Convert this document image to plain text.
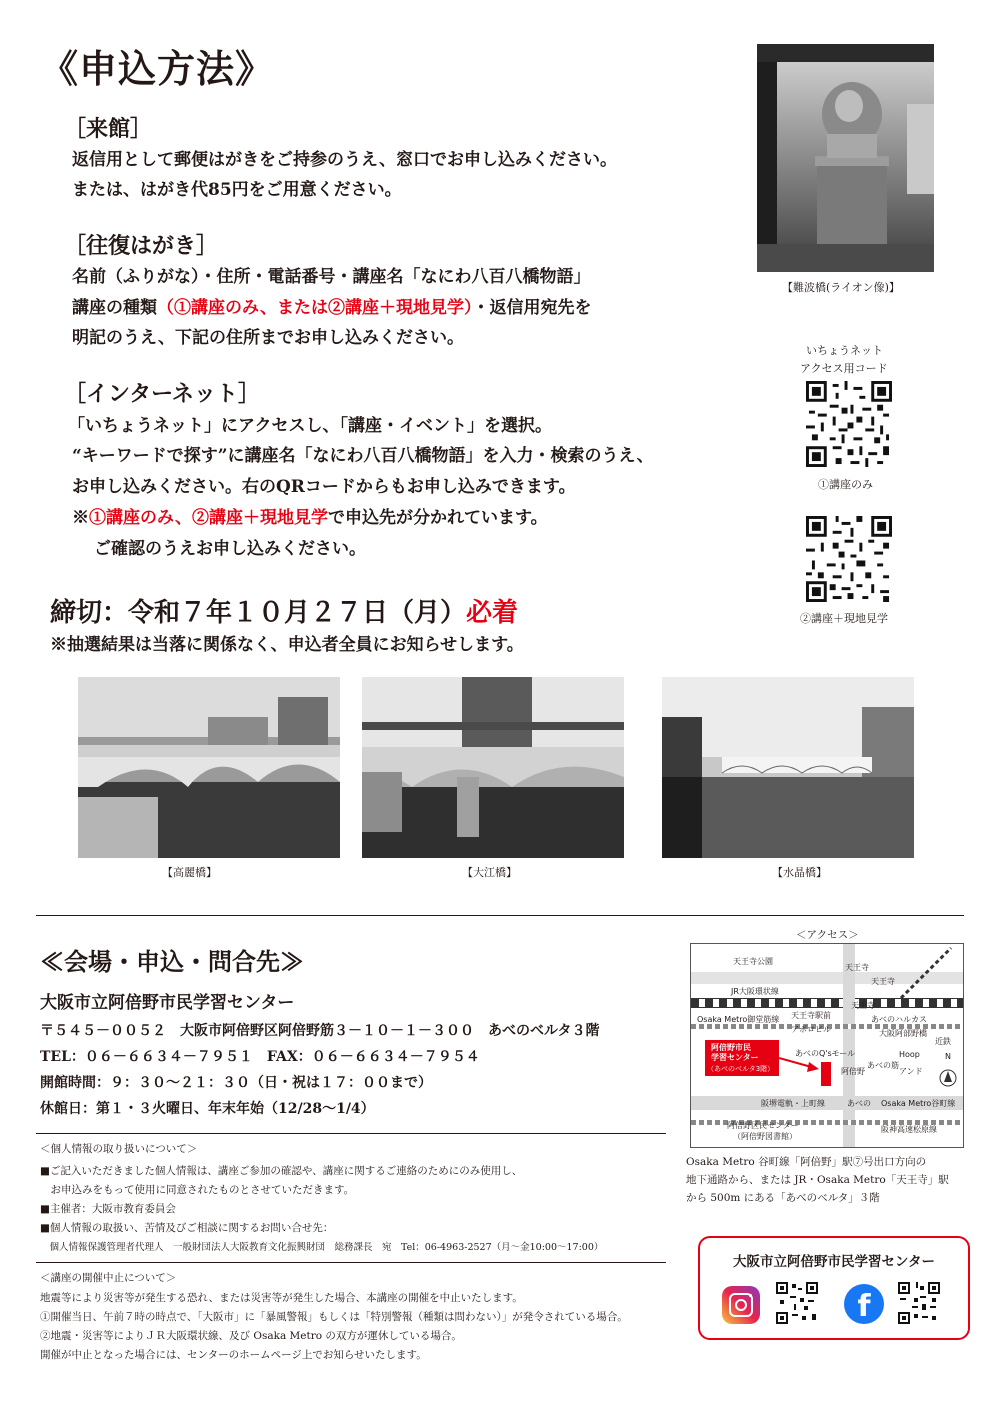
《申込方法》
［来館］
返信用として郵便はがきをご持参のうえ、窓口でお申し込みください。
または、はがき代85円をご用意ください。
［往復はがき］
名前（ふりがな）・住所・電話番号・講座名「なにわ八百八橋物語」
講座の種類（①講座のみ、または②講座＋現地見学）・返信用宛先を
明記のうえ、下記の住所までお申し込みください。
［インターネット］
「いちょうネット」にアクセスし、「講座・イベント」を選択。
“キーワードで探す”に講座名「なにわ八百八橋物語」を入力・検索のうえ、
お申し込みください。右のQRコードからもお申し込みできます。
※①講座のみ、②講座＋現地見学で申込先が分かれています。
ご確認のうえお申し込みください。
締切：令和７年１０月２７日（月）必着
※抽選結果は当落に関係なく、申込者全員にお知らせします。
【難波橋(ライオン像)】
いちょうネット
アクセス用コード
①講座のみ
②講座＋現地見学
【高麗橋】	【大江橋】	【水晶橋】
≪会場・申込・問合先≫
大阪市立阿倍野市民学習センター
〒５４５－００５２　大阪市阿倍野区阿倍野筋３－１０－１－３００　あべのベルタ３階
TEL：０６－６６３４－７９５１　FAX：０６－６６３４－７９５４
開館時間：９：３０～２１：３０（日・祝は１７：００まで）
休館日：第１・３火曜日、年末年始（12/28～1/4）
＜個人情報の取り扱いについて＞
■ご記入いただきました個人情報は、講座ご参加の確認や、講座に関するご連絡のためにのみ使用し、
　お申込みをもって使用に同意されたものとさせていただきます。
■主催者：大阪市教育委員会
■個人情報の取扱い、苦情及びご相談に関するお問い合せ先：
　個人情報保護管理者代理人　一般財団法人大阪教育文化振興財団　総務課長　宛　Tel：06-4963-2527（月～金10:00～17:00）
＜講座の開催中止について＞
地震等により災害等が発生する恐れ、または災害等が発生した場合、本講座の開催を中止いたします。
①開催当日、午前７時の時点で、「大阪市」に「暴風警報」もしくは「特別警報（種類は問わない）」が発令されている場合。
②地震・災害等によりＪＲ大阪環状線、及び Osaka Metro の双方が運休している場合。
開催が中止となった場合には、センターのホームページ上でお知らせいたします。
＜アクセス＞
天王寺公園
JR大阪環状線
天王寺
天王寺
天王寺
Osaka Metro御堂筋線 天王寺駅前
アポロビル
あべのハルカス
大阪阿部野橋
近鉄
阿倍野市民
学習センター
（あべのベルタ3階）
あべのQ'sモール
阿倍野
あべの筋
Hoop
アンド
N
阪堺電軌・上町線	あべの Osaka Metro谷町線
阿倍野区民センター
（阿倍野図書館）
阪神高速松原線
Osaka Metro 谷町線「阿倍野」駅⑦号出口方向の
地下通路から、または JR・Osaka Metro「天王寺」駅
から 500m にある「あべのベルタ」３階
大阪市立阿倍野市民学習センター
f
